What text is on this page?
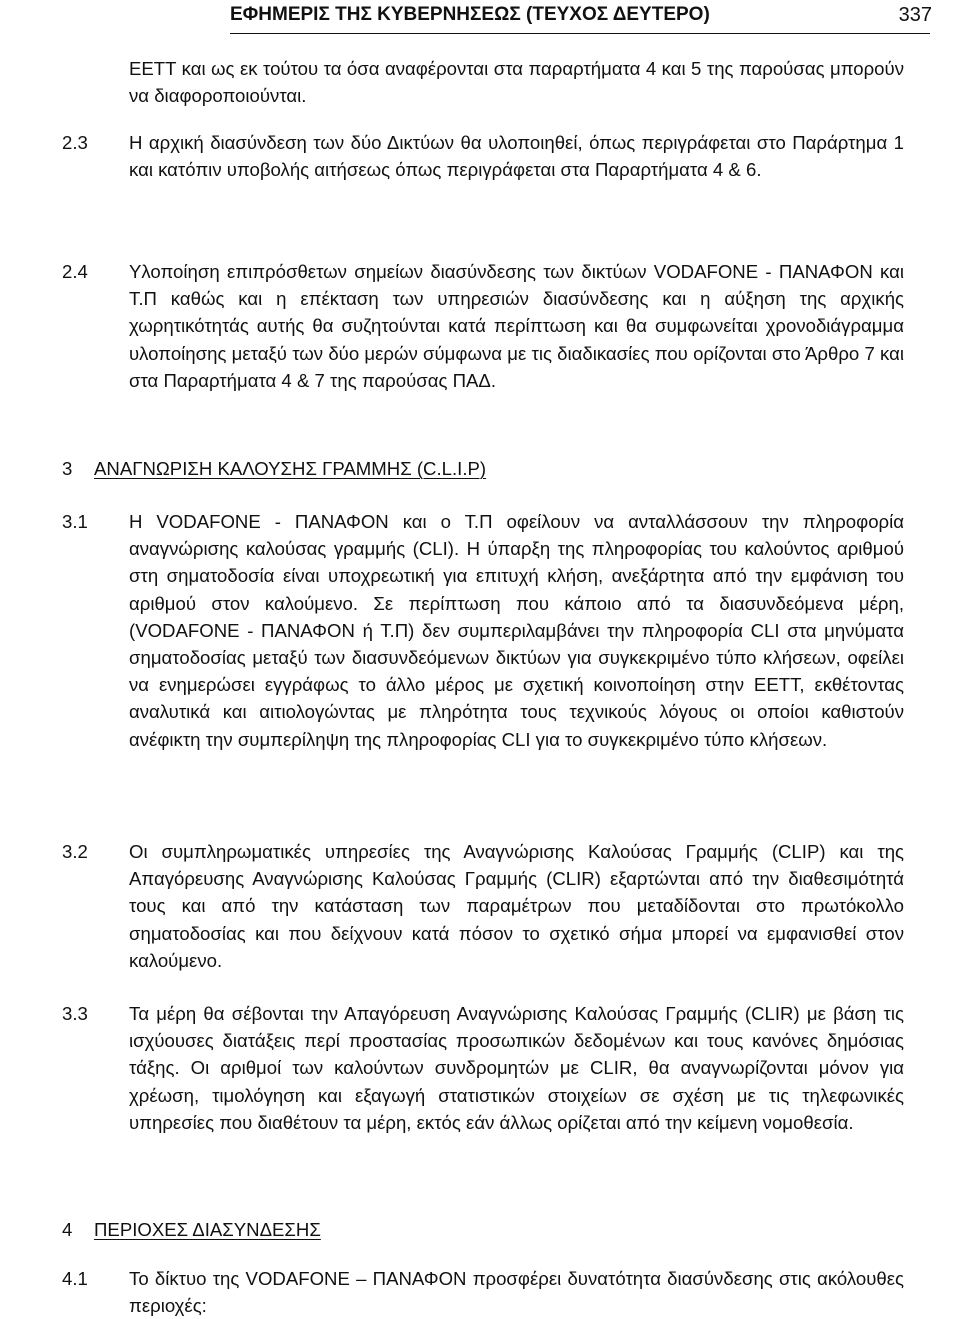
ΕΦΗΜΕΡΙΣ ΤΗΣ ΚΥΒΕΡΝΗΣΕΩΣ (ΤΕΥΧΟΣ ΔΕΥΤΕΡΟ)	337
ΕΕΤΤ και ως εκ τούτου τα όσα αναφέρονται στα παραρτήματα 4 και 5 της παρούσας μπορούν να διαφοροποιούνται.
2.3 Η αρχική διασύνδεση των δύο Δικτύων θα υλοποιηθεί, όπως περιγράφεται στο Παράρτημα 1 και κατόπιν υποβολής αιτήσεως όπως περιγράφεται στα Παραρτήματα 4 & 6.
2.4 Υλοποίηση επιπρόσθετων σημείων διασύνδεσης των δικτύων VODAFONE - ΠΑΝΑΦΟΝ και Τ.Π καθώς και η επέκταση των υπηρεσιών διασύνδεσης και η αύξηση της αρχικής χωρητικότητάς αυτής θα συζητούνται κατά περίπτωση και θα συμφωνείται χρονοδιάγραμμα υλοποίησης μεταξύ των δύο μερών σύμφωνα με τις διαδικασίες που ορίζονται στο Άρθρο 7 και στα Παραρτήματα 4 & 7 της παρούσας ΠΑΔ.
3 ΑΝΑΓΝΩΡΙΣΗ ΚΑΛΟΥΣΗΣ ΓΡΑΜΜΗΣ (C.L.I.P)
3.1 Η VODAFONE - ΠΑΝΑΦΟΝ και ο Τ.Π οφείλουν να ανταλλάσσουν την πληροφορία αναγνώρισης καλούσας γραμμής (CLI). Η ύπαρξη της πληροφορίας του καλούντος αριθμού στη σηματοδοσία είναι υποχρεωτική για επιτυχή κλήση, ανεξάρτητα από την εμφάνιση του αριθμού στον καλούμενο. Σε περίπτωση που κάποιο από τα διασυνδεόμενα μέρη, (VODAFONE - ΠΑΝΑΦΟΝ ή Τ.Π) δεν συμπεριλαμβάνει την πληροφορία CLI στα μηνύματα σηματοδοσίας μεταξύ των διασυνδεόμενων δικτύων για συγκεκριμένο τύπο κλήσεων, οφείλει να ενημερώσει εγγράφως το άλλο μέρος με σχετική κοινοποίηση στην ΕΕΤΤ, εκθέτοντας αναλυτικά και αιτιολογώντας με πληρότητα τους τεχνικούς λόγους οι οποίοι καθιστούν ανέφικτη την συμπερίληψη της πληροφορίας CLI για το συγκεκριμένο τύπο κλήσεων.
3.2 Οι συμπληρωματικές υπηρεσίες της Αναγνώρισης Καλούσας Γραμμής (CLIP) και της Απαγόρευσης Αναγνώρισης Καλούσας Γραμμής (CLIR) εξαρτώνται από την διαθεσιμότητά τους και από την κατάσταση των παραμέτρων που μεταδίδονται στο πρωτόκολλο σηματοδοσίας και που δείχνουν κατά πόσον το σχετικό σήμα μπορεί να εμφανισθεί στον καλούμενο.
3.3 Τα μέρη θα σέβονται την Απαγόρευση Αναγνώρισης Καλούσας Γραμμής (CLIR) με βάση τις ισχύουσες διατάξεις περί προστασίας προσωπικών δεδομένων και τους κανόνες δημόσιας τάξης. Οι αριθμοί των καλούντων συνδρομητών με CLIR, θα αναγνωρίζονται μόνον για χρέωση, τιμολόγηση και εξαγωγή στατιστικών στοιχείων σε σχέση με τις τηλεφωνικές υπηρεσίες που διαθέτουν τα μέρη, εκτός εάν άλλως ορίζεται από την κείμενη νομοθεσία.
4 ΠΕΡΙΟΧΕΣ ΔΙΑΣΥΝΔΕΣΗΣ
4.1 Το δίκτυο της VODAFONE – ΠΑΝΑΦΟΝ προσφέρει δυνατότητα διασύνδεσης στις ακόλουθες περιοχές:
